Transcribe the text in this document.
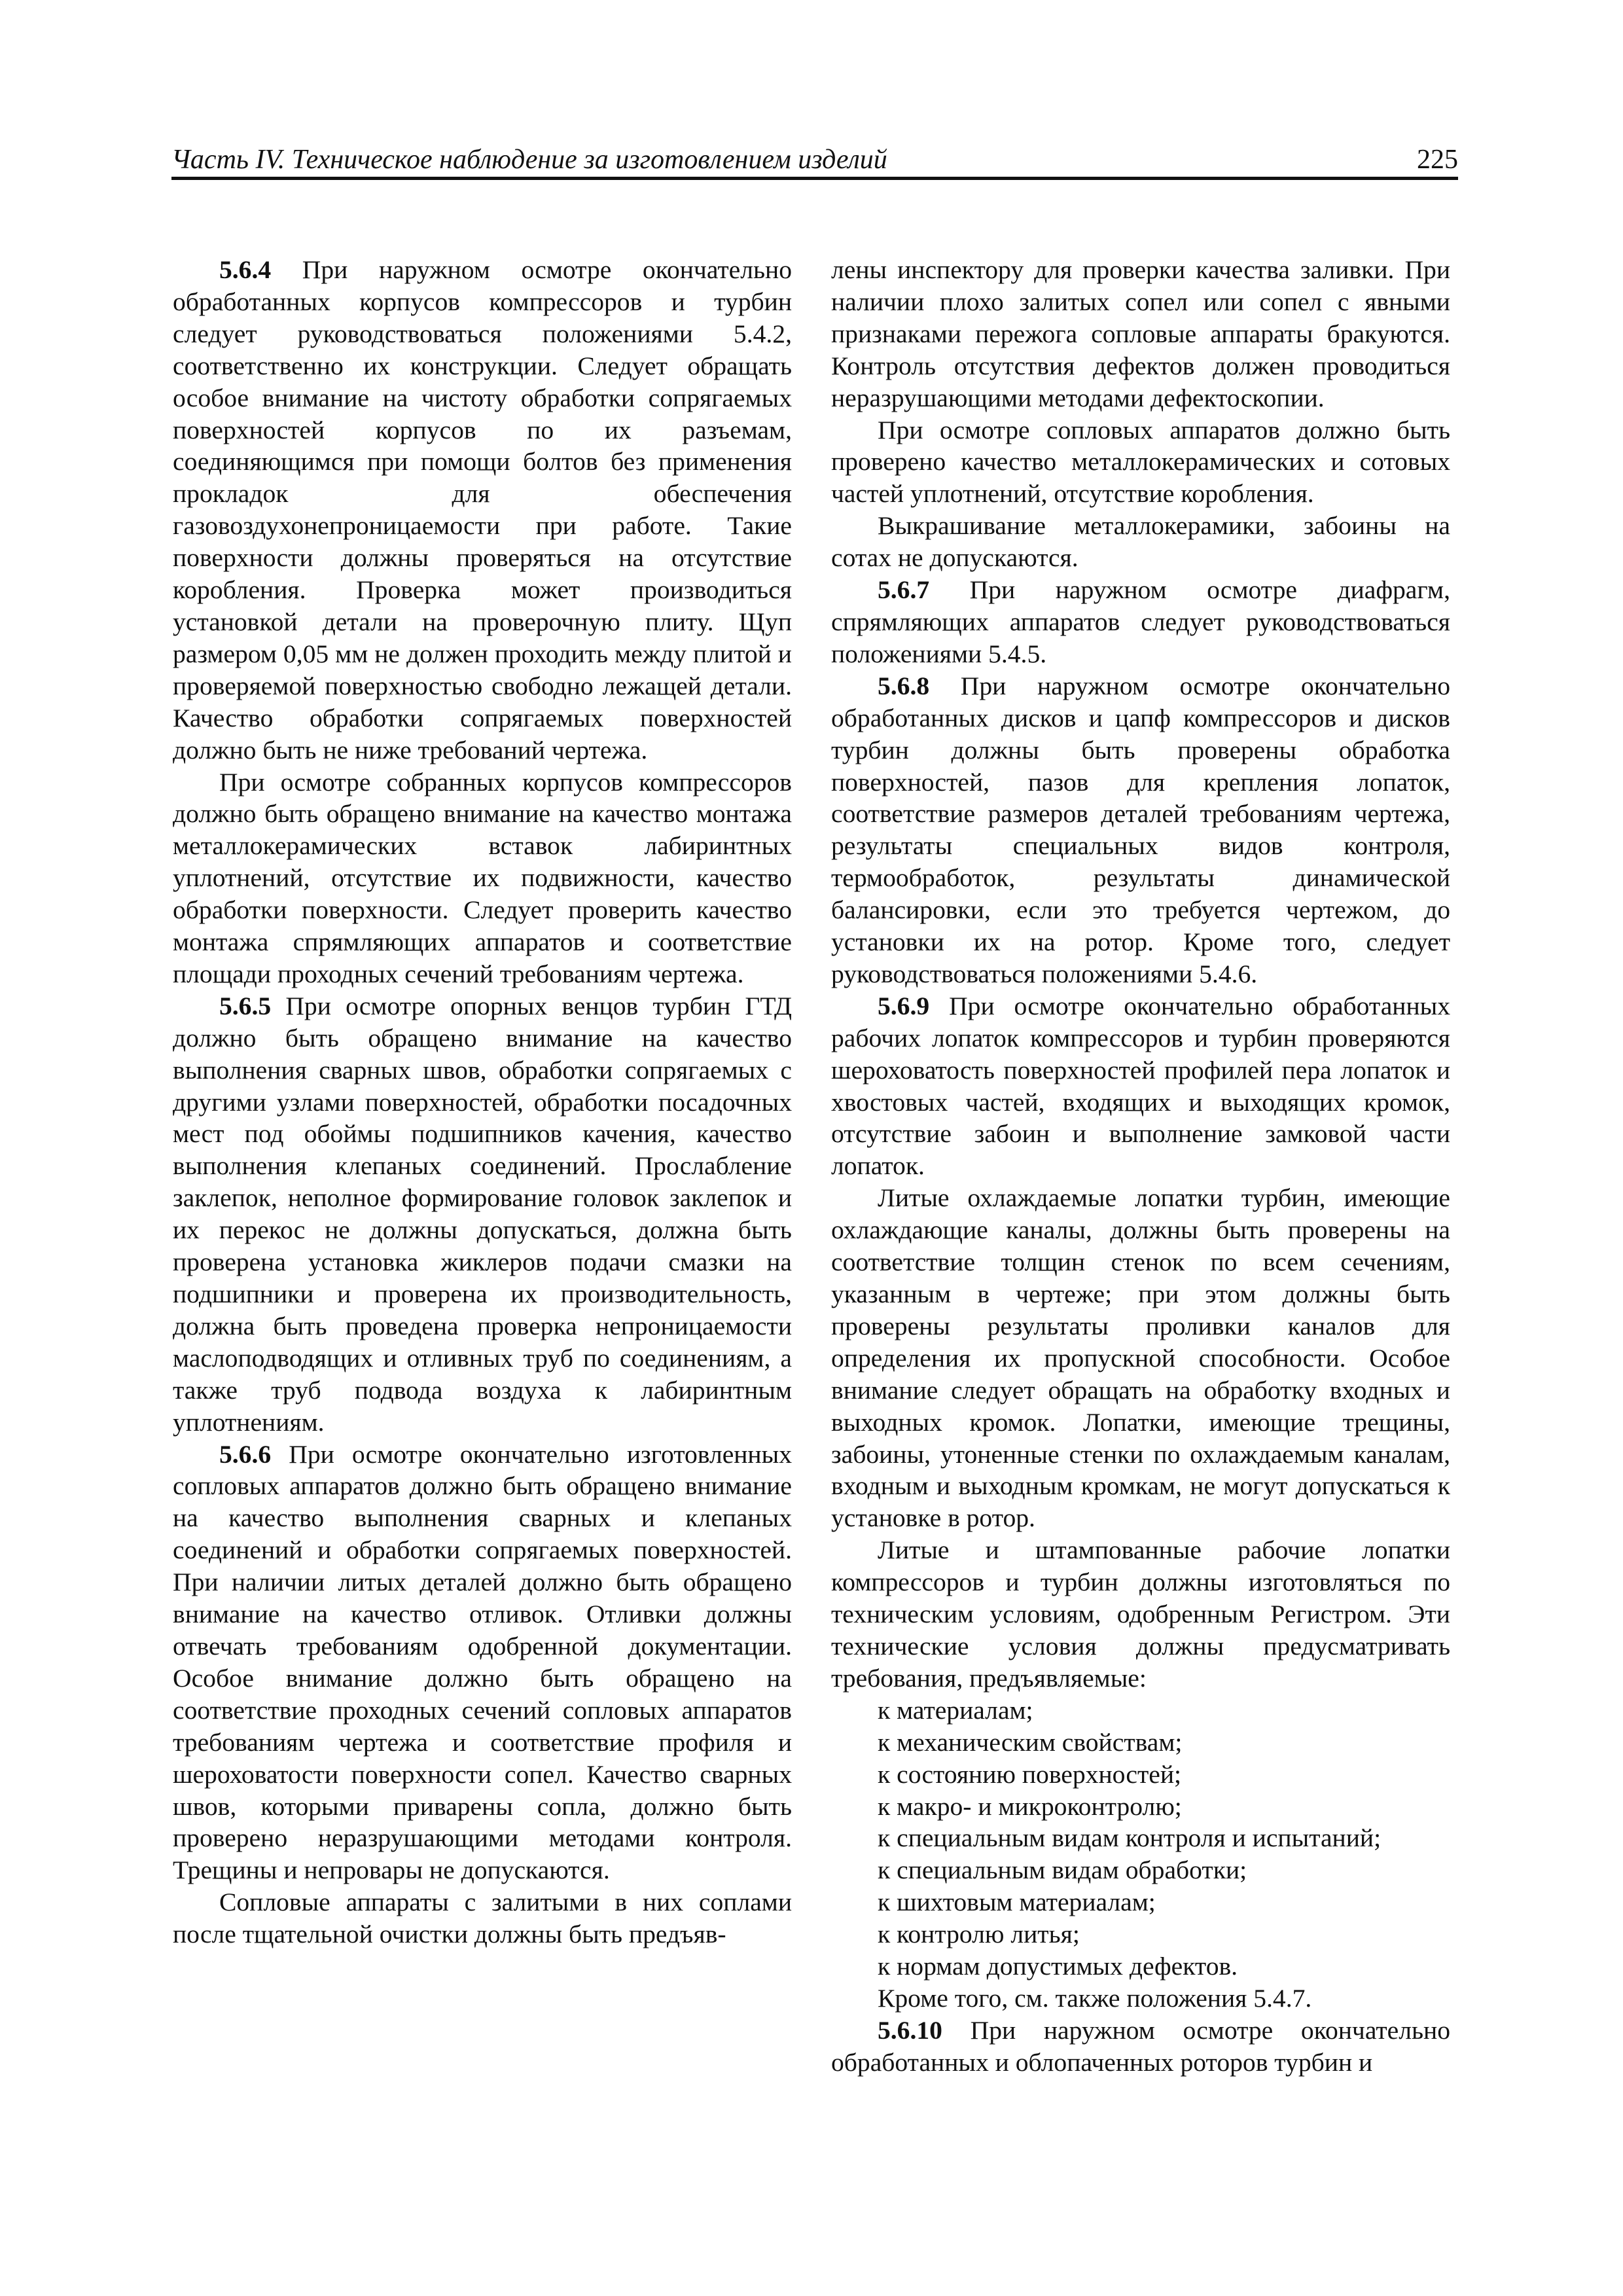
Часть IV. Техническое наблюдение за изготовлением изделий	225

5.6.4 При наружном осмотре окончательно обработанных корпусов компрессоров и турбин следует руководствоваться положениями 5.4.2, соответственно их конструкции. Следует обращать особое внимание на чистоту обработки сопрягаемых поверхностей корпусов по их разъемам, соединяющимся при помощи болтов без применения прокладок для обеспечения газовоздухонепроницаемости при работе. Такие поверхности должны проверяться на отсутствие коробления. Проверка может производиться установкой детали на проверочную плиту. Щуп размером 0,05 мм не должен проходить между плитой и проверяемой поверхностью свободно лежащей детали. Качество обработки сопрягаемых поверхностей должно быть не ниже требований чертежа.

При осмотре собранных корпусов компрессоров должно быть обращено внимание на качество монтажа металлокерамических вставок лабиринтных уплотнений, отсутствие их подвижности, качество обработки поверхности. Следует проверить качество монтажа спрямляющих аппаратов и соответствие площади проходных сечений требованиям чертежа.

5.6.5 При осмотре опорных венцов турбин ГТД должно быть обращено внимание на качество выполнения сварных швов, обработки сопрягаемых с другими узлами поверхностей, обработки посадочных мест под обоймы подшипников качения, качество выполнения клепаных соединений. Прослабление заклепок, неполное формирование головок заклепок и их перекос не должны допускаться, должна быть проверена установка жиклеров подачи смазки на подшипники и проверена их производительность, должна быть проведена проверка непроницаемости маслоподводящих и отливных труб по соединениям, а также труб подвода воздуха к лабиринтным уплотнениям.

5.6.6 При осмотре окончательно изготовленных сопловых аппаратов должно быть обращено внимание на качество выполнения сварных и клепаных соединений и обработки сопрягаемых поверхностей. При наличии литых деталей должно быть обращено внимание на качество отливок. Отливки должны отвечать требованиям одобренной документации. Особое внимание должно быть обращено на соответствие проходных сечений сопловых аппаратов требованиям чертежа и соответствие профиля и шероховатости поверхности сопел. Качество сварных швов, которыми приварены сопла, должно быть проверено неразрушающими методами контроля. Трещины и непровары не допускаются.

Сопловые аппараты с залитыми в них соплами после тщательной очистки должны быть предъяв-

лены инспектору для проверки качества заливки. При наличии плохо залитых сопел или сопел с явными признаками пережога сопловые аппараты бракуются. Контроль отсутствия дефектов должен проводиться неразрушающими методами дефектоскопии.

При осмотре сопловых аппаратов должно быть проверено качество металлокерамических и сотовых частей уплотнений, отсутствие коробления.

Выкрашивание металлокерамики, забоины на сотах не допускаются.

5.6.7 При наружном осмотре диафрагм, спрямляющих аппаратов следует руководствоваться положениями 5.4.5.

5.6.8 При наружном осмотре окончательно обработанных дисков и цапф компрессоров и дисков турбин должны быть проверены обработка поверхностей, пазов для крепления лопаток, соответствие размеров деталей требованиям чертежа, результаты специальных видов контроля, термообработок, результаты динамической балансировки, если это требуется чертежом, до установки их на ротор. Кроме того, следует руководствоваться положениями 5.4.6.

5.6.9 При осмотре окончательно обработанных рабочих лопаток компрессоров и турбин проверяются шероховатость поверхностей профилей пера лопаток и хвостовых частей, входящих и выходящих кромок, отсутствие забоин и выполнение замковой части лопаток.

Литые охлаждаемые лопатки турбин, имеющие охлаждающие каналы, должны быть проверены на соответствие толщин стенок по всем сечениям, указанным в чертеже; при этом должны быть проверены результаты проливки каналов для определения их пропускной способности. Особое внимание следует обращать на обработку входных и выходных кромок. Лопатки, имеющие трещины, забоины, утоненные стенки по охлаждаемым каналам, входным и выходным кромкам, не могут допускаться к установке в ротор.

Литые и штампованные рабочие лопатки компрессоров и турбин должны изготовляться по техническим условиям, одобренным Регистром. Эти технические условия должны предусматривать требования, предъявляемые:

к материалам;

к механическим свойствам;

к состоянию поверхностей;

к макро- и микроконтролю;

к специальным видам контроля и испытаний;

к специальным видам обработки;

к шихтовым материалам;

к контролю литья;

к нормам допустимых дефектов.

Кроме того, см. также положения 5.4.7.

5.6.10 При наружном осмотре окончательно обработанных и облопаченных роторов турбин и
